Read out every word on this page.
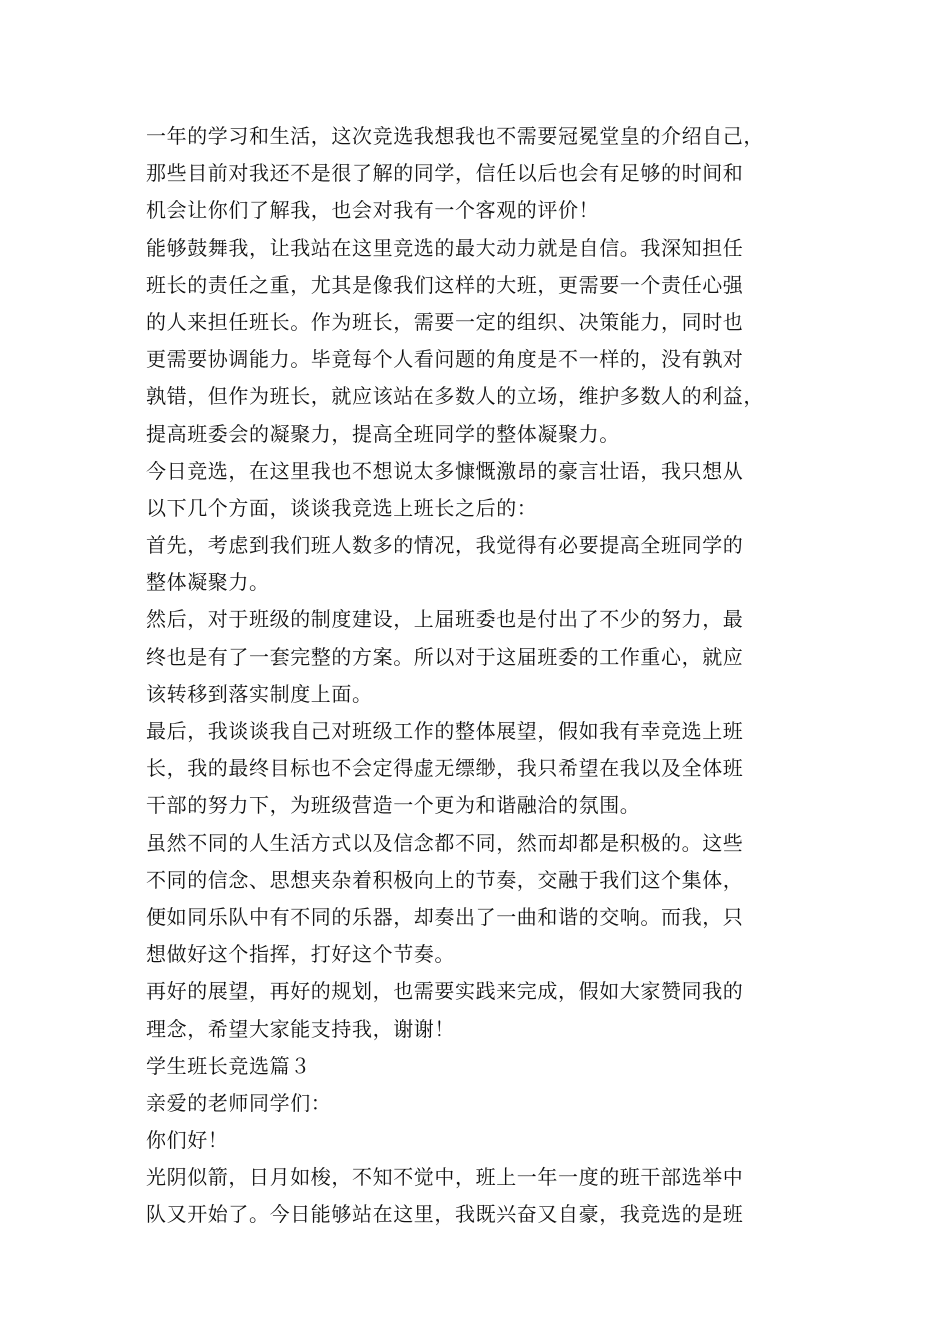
一年的学习和生活，这次竞选我想我也不需要冠冕堂皇的介绍自己，
那些目前对我还不是很了解的同学，信任以后也会有足够的时间和
机会让你们了解我，也会对我有一个客观的评价！
能够鼓舞我，让我站在这里竞选的最大动力就是自信。我深知担任
班长的责任之重，尤其是像我们这样的大班，更需要一个责任心强
的人来担任班长。作为班长，需要一定的组织、决策能力，同时也
更需要协调能力。毕竟每个人看问题的角度是不一样的，没有孰对
孰错，但作为班长，就应该站在多数人的立场，维护多数人的利益，
提高班委会的凝聚力，提高全班同学的整体凝聚力。
今日竞选，在这里我也不想说太多慷慨激昂的豪言壮语，我只想从
以下几个方面，谈谈我竞选上班长之后的：
首先，考虑到我们班人数多的情况，我觉得有必要提高全班同学的
整体凝聚力。
然后，对于班级的制度建设，上届班委也是付出了不少的努力，最
终也是有了一套完整的方案。所以对于这届班委的工作重心，就应
该转移到落实制度上面。
最后，我谈谈我自己对班级工作的整体展望，假如我有幸竞选上班
长，我的最终目标也不会定得虚无缥缈，我只希望在我以及全体班
干部的努力下，为班级营造一个更为和谐融洽的氛围。
虽然不同的人生活方式以及信念都不同，然而却都是积极的。这些
不同的信念、思想夹杂着积极向上的节奏，交融于我们这个集体，
便如同乐队中有不同的乐器，却奏出了一曲和谐的交响。而我，只
想做好这个指挥，打好这个节奏。
再好的展望，再好的规划，也需要实践来完成，假如大家赞同我的
理念，希望大家能支持我，谢谢！
学生班长竞选篇３
亲爱的老师同学们：
你们好！
光阴似箭，日月如梭，不知不觉中，班上一年一度的班干部选举中
队又开始了。今日能够站在这里，我既兴奋又自豪，我竞选的是班
